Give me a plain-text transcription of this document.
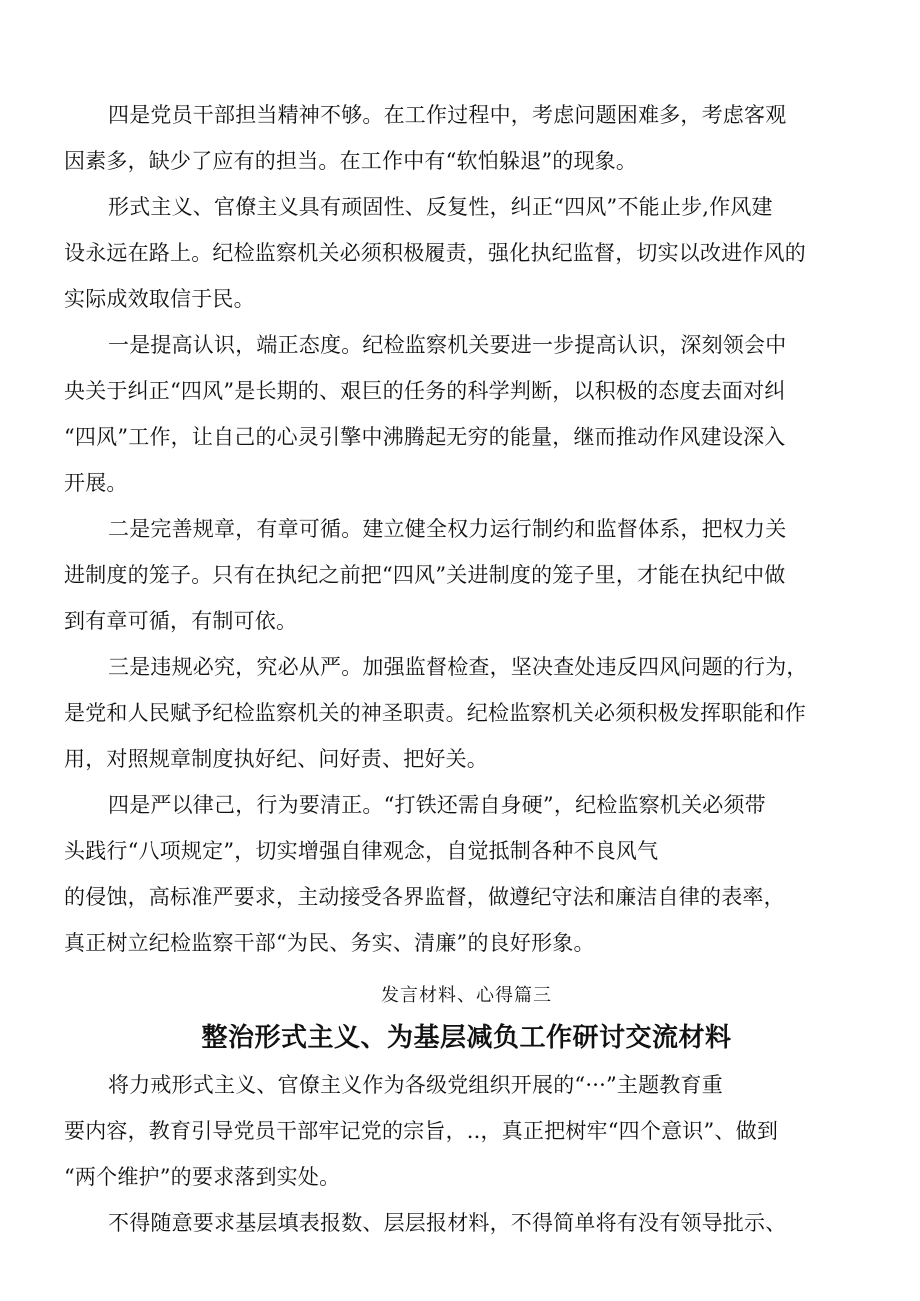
四是党员干部担当精神不够。在工作过程中，考虑问题困难多，考虑客观
因素多，缺少了应有的担当。在工作中有“软怕躲退”的现象。
形式主义、官僚主义具有顽固性、反复性，纠正“四风”不能止步,作风建
设永远在路上。纪检监察机关必须积极履责，强化执纪监督，切实以改进作风的
实际成效取信于民。
一是提高认识，端正态度。纪检监察机关要进一步提高认识，深刻领会中
央关于纠正“四风”是长期的、艰巨的任务的科学判断，以积极的态度去面对纠
“四风”工作，让自己的心灵引擎中沸腾起无穷的能量，继而推动作风建设深入
开展。
二是完善规章，有章可循。建立健全权力运行制约和监督体系，把权力关
进制度的笼子。只有在执纪之前把“四风”关进制度的笼子里，才能在执纪中做
到有章可循，有制可依。
三是违规必究，究必从严。加强监督检查，坚决查处违反四风问题的行为，
是党和人民赋予纪检监察机关的神圣职责。纪检监察机关必须积极发挥职能和作
用，对照规章制度执好纪、问好责、把好关。
四是严以律己，行为要清正。“打铁还需自身硬”，纪检监察机关必须带
头践行“八项规定”，切实增强自律观念，自觉抵制各种不良风气
的侵蚀，高标准严要求，主动接受各界监督，做遵纪守法和廉洁自律的表率，
真正树立纪检监察干部“为民、务实、清廉”的良好形象。
发言材料、心得篇三
整治形式主义、为基层减负工作研讨交流材料
将力戒形式主义、官僚主义作为各级党组织开展的“···”主题教育重
要内容，教育引导党员干部牢记党的宗旨，..，真正把树牢“四个意识”、做到
“两个维护”的要求落到实处。
不得随意要求基层填表报数、层层报材料，不得简单将有没有领导批示、
